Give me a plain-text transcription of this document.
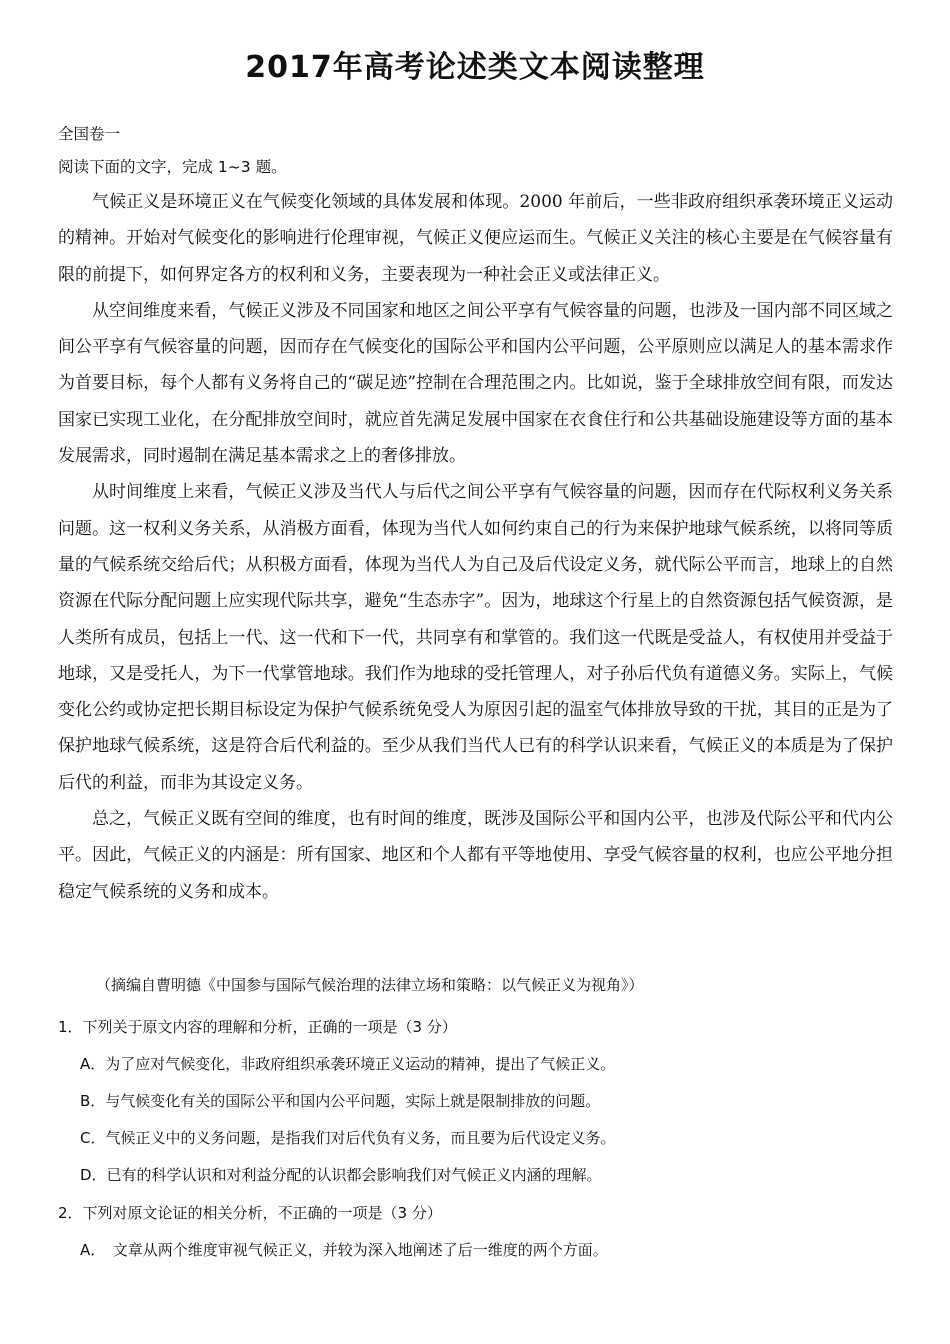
2017年高考论述类文本阅读整理
全国卷一
阅读下面的文字，完成 1~3 题。

气候正义是环境正义在气候变化领域的具体发展和体现。2000 年前后，一些非政府组织承袭环境正义运动的精神。开始对气候变化的影响进行伦理审视，气候正义便应运而生。气候正义关注的核心主要是在气候容量有限的前提下，如何界定各方的权利和义务，主要表现为一种社会正义或法律正义。

从空间维度来看，气候正义涉及不同国家和地区之间公平享有气候容量的问题，也涉及一国内部不同区域之间公平享有气候容量的问题，因而存在气候变化的国际公平和国内公平问题，公平原则应以满足人的基本需求作为首要目标，每个人都有义务将自己的“碳足迹”控制在合理范围之内。比如说，鉴于全球排放空间有限，而发达国家已实现工业化，在分配排放空间时，就应首先满足发展中国家在衣食住行和公共基础设施建设等方面的基本发展需求，同时遏制在满足基本需求之上的奢侈排放。

从时间维度上来看，气候正义涉及当代人与后代之间公平享有气候容量的问题，因而存在代际权利义务关系问题。这一权利义务关系，从消极方面看，体现为当代人如何约束自己的行为来保护地球气候系统，以将同等质量的气候系统交给后代；从积极方面看，体现为当代人为自己及后代设定义务，就代际公平而言，地球上的自然资源在代际分配问题上应实现代际共享，避免“生态赤字”。因为，地球这个行星上的自然资源包括气候资源，是人类所有成员，包括上一代、这一代和下一代，共同享有和掌管的。我们这一代既是受益人，有权使用并受益于地球，又是受托人，为下一代掌管地球。我们作为地球的受托管理人，对子孙后代负有道德义务。实际上，气候变化公约或协定把长期目标设定为保护气候系统免受人为原因引起的温室气体排放导致的干扰，其目的正是为了保护地球气候系统，这是符合后代利益的。至少从我们当代人已有的科学认识来看，气候正义的本质是为了保护后代的利益，而非为其设定义务。

总之，气候正义既有空间的维度，也有时间的维度，既涉及国际公平和国内公平，也涉及代际公平和代内公平。因此，气候正义的内涵是：所有国家、地区和个人都有平等地使用、享受气候容量的权利，也应公平地分担稳定气候系统的义务和成本。

（摘编自曹明德《中国参与国际气候治理的法律立场和策略：以气候正义为视角》）
1．下列关于原文内容的理解和分析，正确的一项是（3 分）
A．为了应对气候变化，非政府组织承袭环境正义运动的精神，提出了气候正义。
B．与气候变化有关的国际公平和国内公平问题，实际上就是限制排放的问题。
C．气候正义中的义务问题，是指我们对后代负有义务，而且要为后代设定义务。
D．已有的科学认识和对利益分配的认识都会影响我们对气候正义内涵的理解。
2．下列对原文论证的相关分析，不正确的一项是（3 分）
A．　文章从两个维度审视气候正义，并较为深入地阐述了后一维度的两个方面。
